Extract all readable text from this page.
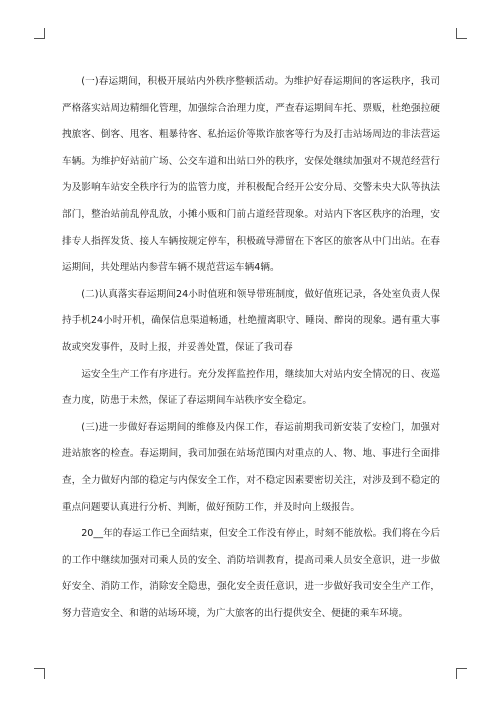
(一)春运期间，积极开展站内外秩序整顿活动。为维护好春运期间的客运秩序，我司严格落实站周边精细化管理，加强综合治理力度，严查春运期间车托、票贩，杜绝强拉硬拽旅客、倒客、甩客、粗暴待客、私抬运价等欺诈旅客等行为及打击站场周边的非法营运车辆。为维护好站前广场、公交车道和出站口外的秩序，安保处继续加强对不规范经营行为及影响车站安全秩序行为的监管力度，并积极配合经开公安分局、交警未央大队等执法部门，整治站前乱停乱放，小摊小贩和门前占道经营现象。对站内下客区秩序的治理，安排专人指挥发货、接人车辆按规定停车，积极疏导滞留在下客区的旅客从中门出站。在春运期间，共处理站内参营车辆不规范营运车辆4辆。

(二)认真落实春运期间24小时值班和领导带班制度，做好值班记录，各处室负责人保持手机24小时开机，确保信息渠道畅通，杜绝擅离职守、睡岗、醉岗的现象。遇有重大事故或突发事件，及时上报，并妥善处置，保证了我司春

运安全生产工作有序进行。充分发挥监控作用，继续加大对站内安全情况的日、夜巡查力度，防患于未然，保证了春运期间车站秩序安全稳定。

(三)进一步做好春运期间的维修及内保工作，春运前期我司新安装了安检门，加强对进站旅客的检查。春运期间，我司加强在站场范围内对重点的人、物、地、事进行全面排查，全力做好内部的稳定与内保安全工作，对不稳定因素要密切关注，对涉及到不稳定的重点问题要认真进行分析、判断，做好预防工作，并及时向上级报告。

20__年的春运工作已全面结束，但安全工作没有停止，时刻不能放松。我们将在今后的工作中继续加强对司乘人员的安全、消防培训教育，提高司乘人员安全意识，进一步做好安全、消防工作，消除安全隐患，强化安全责任意识，进一步做好我司安全生产工作，努力营造安全、和谐的站场环境，为广大旅客的出行提供安全、便捷的乘车环境。
